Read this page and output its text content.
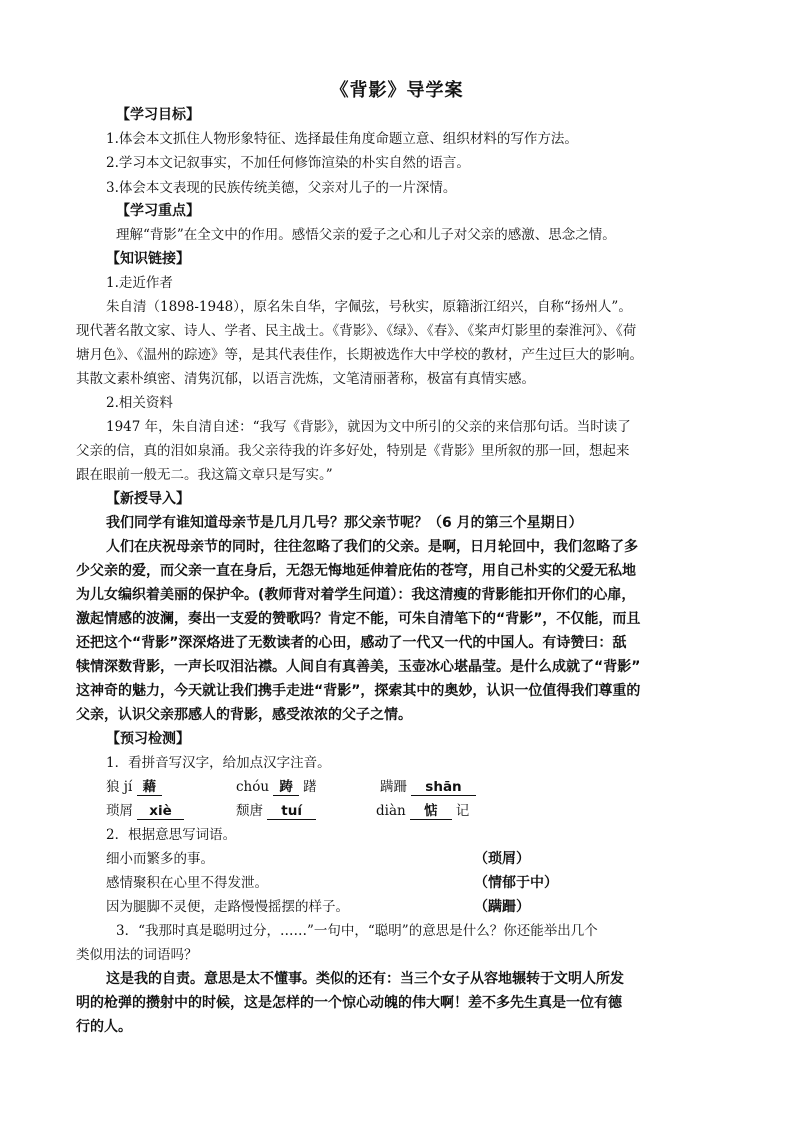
《背影》导学案
【学习目标】
1.体会本文抓住人物形象特征、选择最佳角度命题立意、组织材料的写作方法。
2.学习本文记叙事实，不加任何修饰渲染的朴实自然的语言。
3.体会本文表现的民族传统美德，父亲对儿子的一片深情。
【学习重点】
理解“背影”在全文中的作用。感悟父亲的爱子之心和儿子对父亲的感激、思念之情。
【知识链接】
1.走近作者
朱自清（1898-1948），原名朱自华，字佩弦，号秋实，原籍浙江绍兴，自称“扬州人”。
现代著名散文家、诗人、学者、民主战士。《背影》、《绿》、《春》、《桨声灯影里的秦淮河》、《荷
塘月色》、《温州的踪迹》等，是其代表佳作，长期被选作大中学校的教材，产生过巨大的影响。
其散文素朴缜密、清隽沉郁，以语言洗炼，文笔清丽著称，极富有真情实感。
2.相关资料
1947 年，朱自清自述：“我写《背影》，就因为文中所引的父亲的来信那句话。当时读了
父亲的信，真的泪如泉涌。我父亲待我的许多好处，特别是《背影》里所叙的那一回，想起来
跟在眼前一般无二。我这篇文章只是写实。”
【新授导入】
我们同学有谁知道母亲节是几月几号？那父亲节呢？（6 月的第三个星期日）
人们在庆祝母亲节的同时，往往忽略了我们的父亲。是啊，日月轮回中，我们忽略了多
少父亲的爱，而父亲一直在身后，无怨无悔地延伸着庇佑的苍穹，用自己朴实的父爱无私地
为儿女编织着美丽的保护伞。(教师背对着学生问道）：我这清瘦的背影能扣开你们的心扉，
激起情感的波澜，奏出一支爱的赞歌吗？肯定不能，可朱自清笔下的“背影”，不仅能，而且
还把这个“背影”深深烙进了无数读者的心田，感动了一代又一代的中国人。有诗赞曰：舐
犊情深数背影，一声长叹泪沾襟。人间自有真善美，玉壶冰心堪晶莹。是什么成就了“背影”
这神奇的魅力，今天就让我们携手走进“背影”，探索其中的奥妙，认识一位值得我们尊重的
父亲，认识父亲那感人的背影，感受浓浓的父子之情。
【预习检测】
1．看拼音写汉字，给加点汉字注音。
狼 jí 藉	chóu 踌 躇	蹒跚 shān
琐屑 xiè	颓唐 tuí	diàn 惦 记
2．根据意思写词语。
细小而繁多的事。	（琐屑）
感情聚积在心里不得发泄。	（情郁于中）
因为腿脚不灵便，走路慢慢摇摆的样子。	（蹒跚）
3．“我那时真是聪明过分，……”一句中，“聪明”的意思是什么？你还能举出几个
类似用法的词语吗？
这是我的自责。意思是太不懂事。类似的还有：当三个女子从容地辗转于文明人所发
明的枪弹的攒射中的时候，这是怎样的一个惊心动魄的伟大啊！差不多先生真是一位有德
行的人。
